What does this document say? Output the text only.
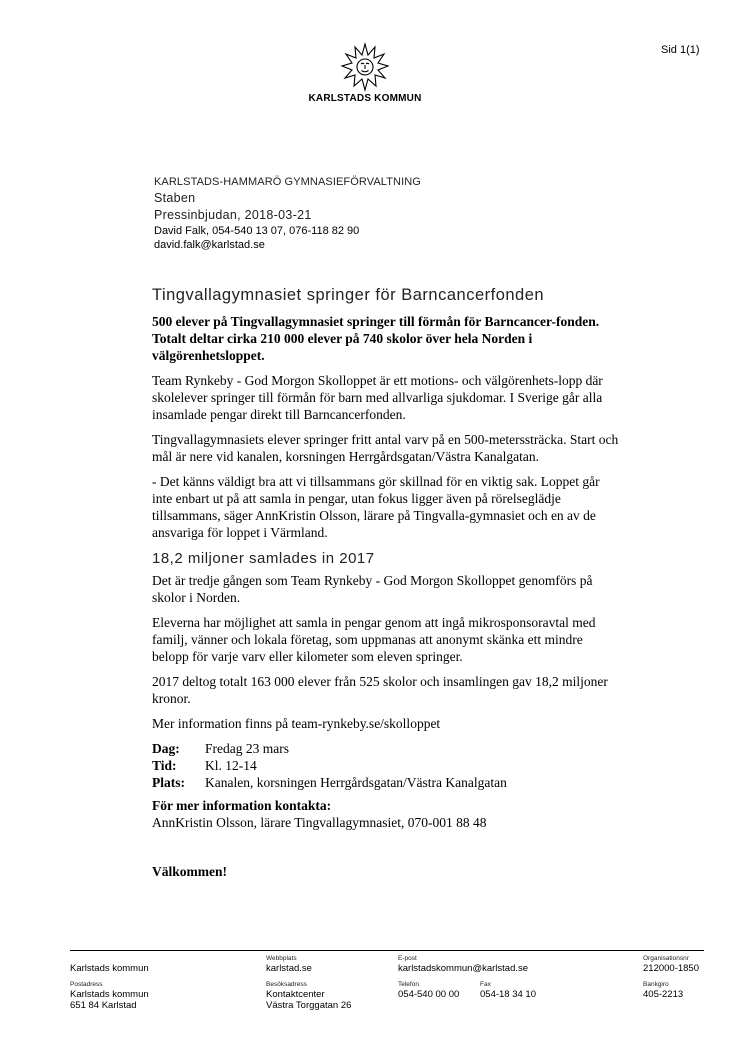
Sid 1(1)
KARLSTADS KOMMUN
KARLSTADS-HAMMARÖ GYMNASIEFÖRVALTNING
Staben
Pressinbjudan, 2018-03-21
David Falk, 054-540 13 07, 076-118 82 90
david.falk@karlstad.se
Tingvallagymnasiet springer för Barncancerfonden

500 elever på Tingvallagymnasiet springer till förmån för Barncancer-fonden. Totalt deltar cirka 210 000 elever på 740 skolor över hela Norden i välgörenhetsloppet.

Team Rynkeby - God Morgon Skolloppet är ett motions- och välgörenhets-lopp där skolelever springer till förmån för barn med allvarliga sjukdomar. I Sverige går alla insamlade pengar direkt till Barncancerfonden.

Tingvallagymnasiets elever springer fritt antal varv på en 500-meterssträcka. Start och mål är nere vid kanalen, korsningen Herrgårdsgatan/Västra Kanalgatan.

- Det känns väldigt bra att vi tillsammans gör skillnad för en viktig sak. Loppet går inte enbart ut på att samla in pengar, utan fokus ligger även på rörelseglädje tillsammans, säger AnnKristin Olsson, lärare på Tingvalla-gymnasiet och en av de ansvariga för loppet i Värmland.

18,2 miljoner samlades in 2017

Det är tredje gången som Team Rynkeby - God Morgon Skolloppet genomförs på skolor i Norden.

Eleverna har möjlighet att samla in pengar genom att ingå mikrosponsoravtal med familj, vänner och lokala företag, som uppmanas att anonymt skänka ett mindre belopp för varje varv eller kilometer som eleven springer.

2017 deltog totalt 163 000 elever från 525 skolor och insamlingen gav 18,2 miljoner kronor.

Mer information finns på team-rynkeby.se/skolloppet

Dag: Fredag 23 mars
Tid: Kl. 12-14
Plats: Kanalen, korsningen Herrgårdsgatan/Västra Kanalgatan
För mer information kontakta:
AnnKristin Olsson, lärare Tingvallagymnasiet, 070-001 88 48
Välkommen!
Karlstads kommun
Webbplats
karlstad.se
E-post
karlstadskommun@karlstad.se
Organisationsnr
212000-1850
Postadress
Karlstads kommun
651 84 Karlstad
Besöksadress
Kontaktcenter
Västra Torggatan 26
Telefon
054-540 00 00
Fax
054-18 34 10
Bankgiro
405-2213
